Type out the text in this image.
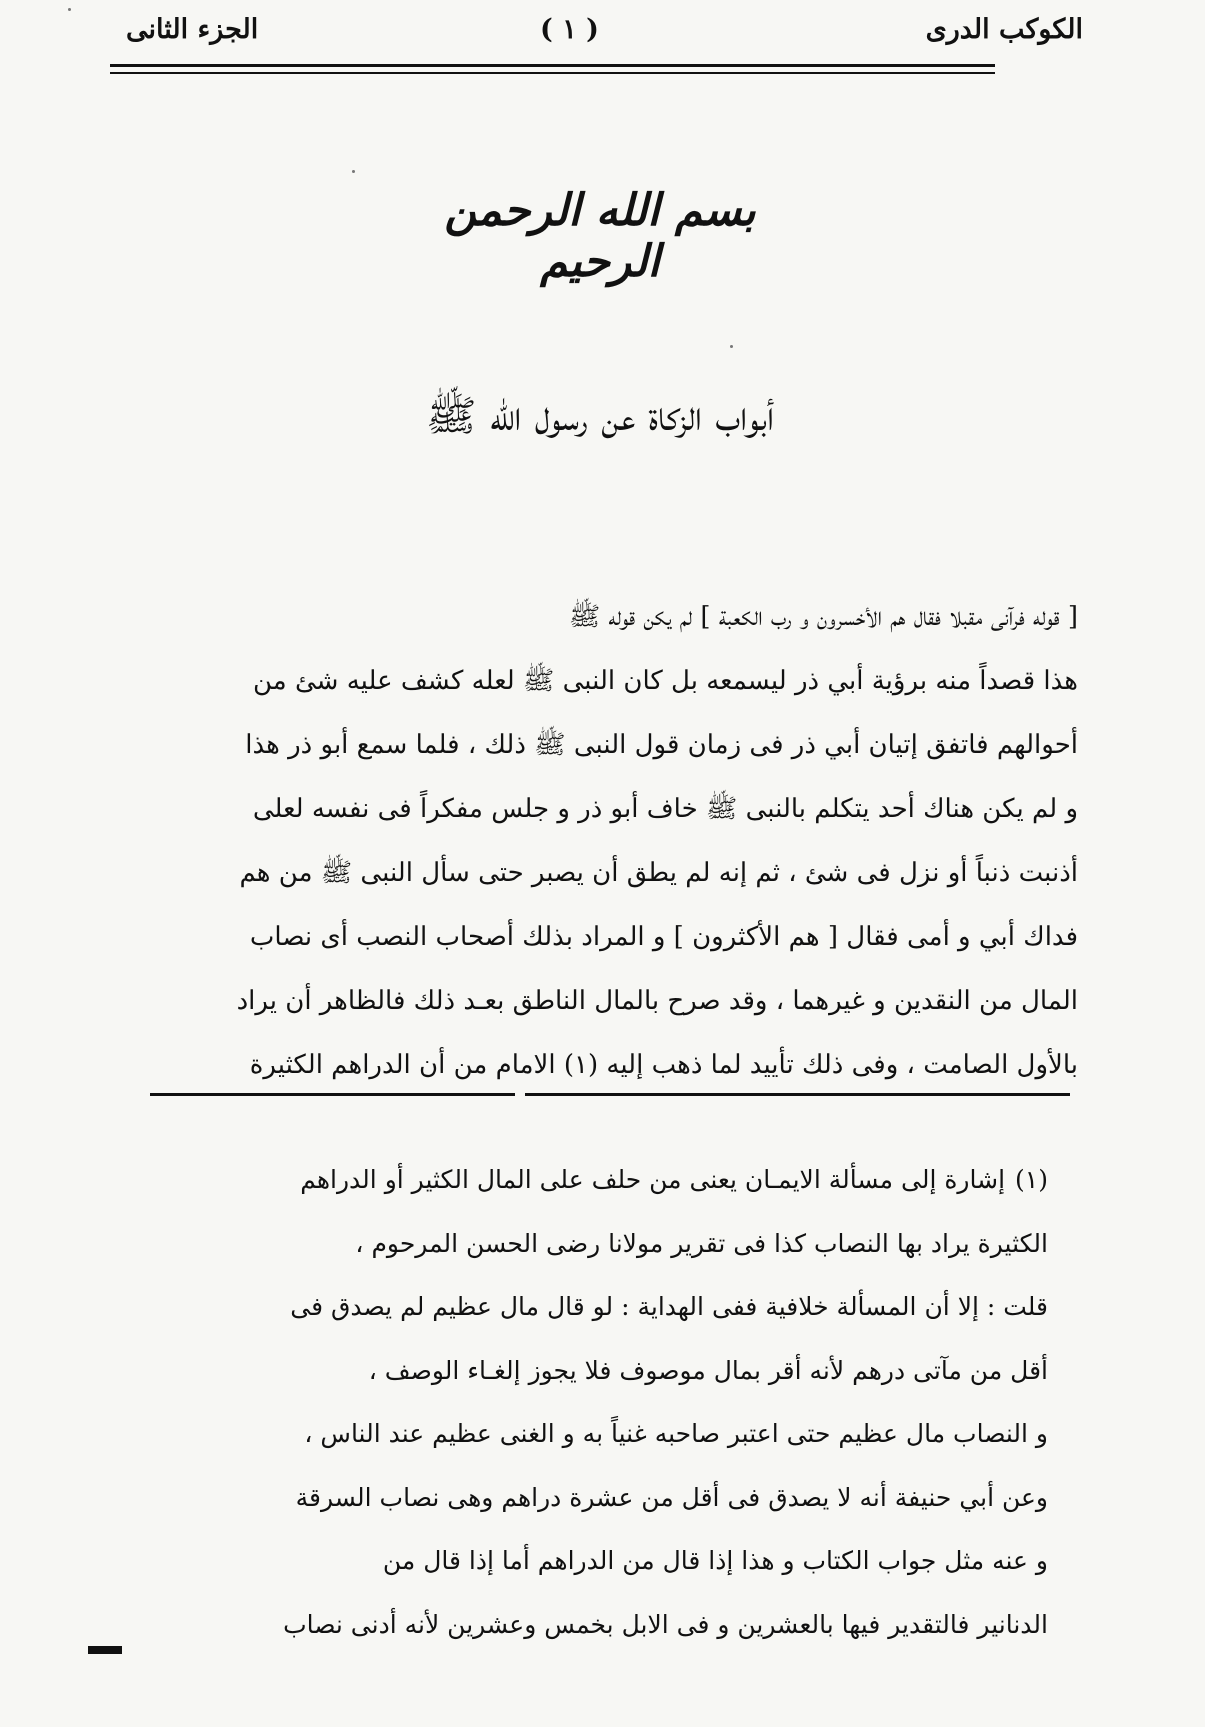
الكوكب الدرى
( ١ )
الجزء الثانى
بسم الله الرحمن الرحيم
أبواب الزكاة عن رسول الله ﷺ
[ قوله فرآنى مقبلا فقال هم الأخسرون و رب الكعبة ] لم يكن قوله ﷺ
هذا قصداً منه برؤية أبي ذر ليسمعه بل كان النبى ﷺ لعله كشف عليه شئ من
أحوالهم فاتفق إتيان أبي ذر فى زمان قول النبى ﷺ ذلك ، فلما سمع أبو ذر هذا
و لم يكن هناك أحد يتكلم بالنبى ﷺ خاف أبو ذر و جلس مفكراً فى نفسه لعلى
أذنبت ذنباً أو نزل فى شئ ، ثم إنه لم يطق أن يصبر حتى سأل النبى ﷺ من هم
فداك أبي و أمى فقال [ هم الأكثرون ] و المراد بذلك أصحاب النصب أى نصاب
المال من النقدين و غيرهما ، وقد صرح بالمال الناطق بعـد ذلك فالظاهر أن يراد
بالأول الصامت ، وفى ذلك تأييد لما ذهب إليه (١) الامام من أن الدراهم الكثيرة
(١)إشارة إلى مسألة الايمـان يعنى من حلف على المال الكثير أو الدراهم
الكثيرة يراد بها النصاب كذا فى تقرير مولانا رضى الحسن المرحوم ،
قلت : إلا أن المسألة خلافية ففى الهداية : لو قال مال عظيم لم يصدق فى
أقل من مآتى درهم لأنه أقر بمال موصوف فلا يجوز إلغـاء الوصف ،
و النصاب مال عظيم حتى اعتبر صاحبه غنياً به و الغنى عظيم عند الناس ،
وعن أبي حنيفة أنه لا يصدق فى أقل من عشرة دراهم وهى نصاب السرقة
و عنه مثل جواب الكتاب و هذا إذا قال من الدراهم أما إذا قال من
الدنانير فالتقدير فيها بالعشرين و فى الابل بخمس وعشرين لأنه أدنى نصاب
